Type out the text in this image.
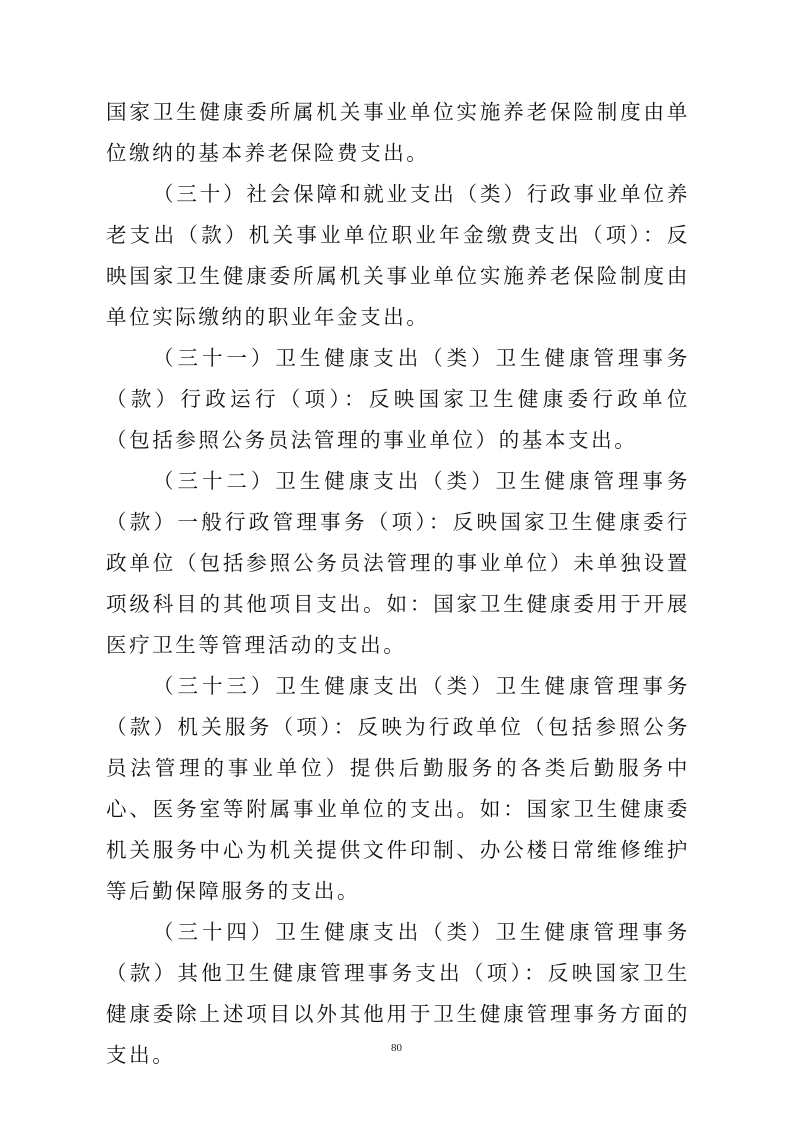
国家卫生健康委所属机关事业单位实施养老保险制度由单位缴纳的基本养老保险费支出。

（三十）社会保障和就业支出（类）行政事业单位养老支出（款）机关事业单位职业年金缴费支出（项）：反映国家卫生健康委所属机关事业单位实施养老保险制度由单位实际缴纳的职业年金支出。

（三十一）卫生健康支出（类）卫生健康管理事务（款）行政运行（项）：反映国家卫生健康委行政单位（包括参照公务员法管理的事业单位）的基本支出。

（三十二）卫生健康支出（类）卫生健康管理事务（款）一般行政管理事务（项）：反映国家卫生健康委行政单位（包括参照公务员法管理的事业单位）未单独设置项级科目的其他项目支出。如：国家卫生健康委用于开展医疗卫生等管理活动的支出。

（三十三）卫生健康支出（类）卫生健康管理事务（款）机关服务（项）：反映为行政单位（包括参照公务员法管理的事业单位）提供后勤服务的各类后勤服务中心、医务室等附属事业单位的支出。如：国家卫生健康委机关服务中心为机关提供文件印制、办公楼日常维修维护等后勤保障服务的支出。

（三十四）卫生健康支出（类）卫生健康管理事务（款）其他卫生健康管理事务支出（项）：反映国家卫生健康委除上述项目以外其他用于卫生健康管理事务方面的支出。	80
